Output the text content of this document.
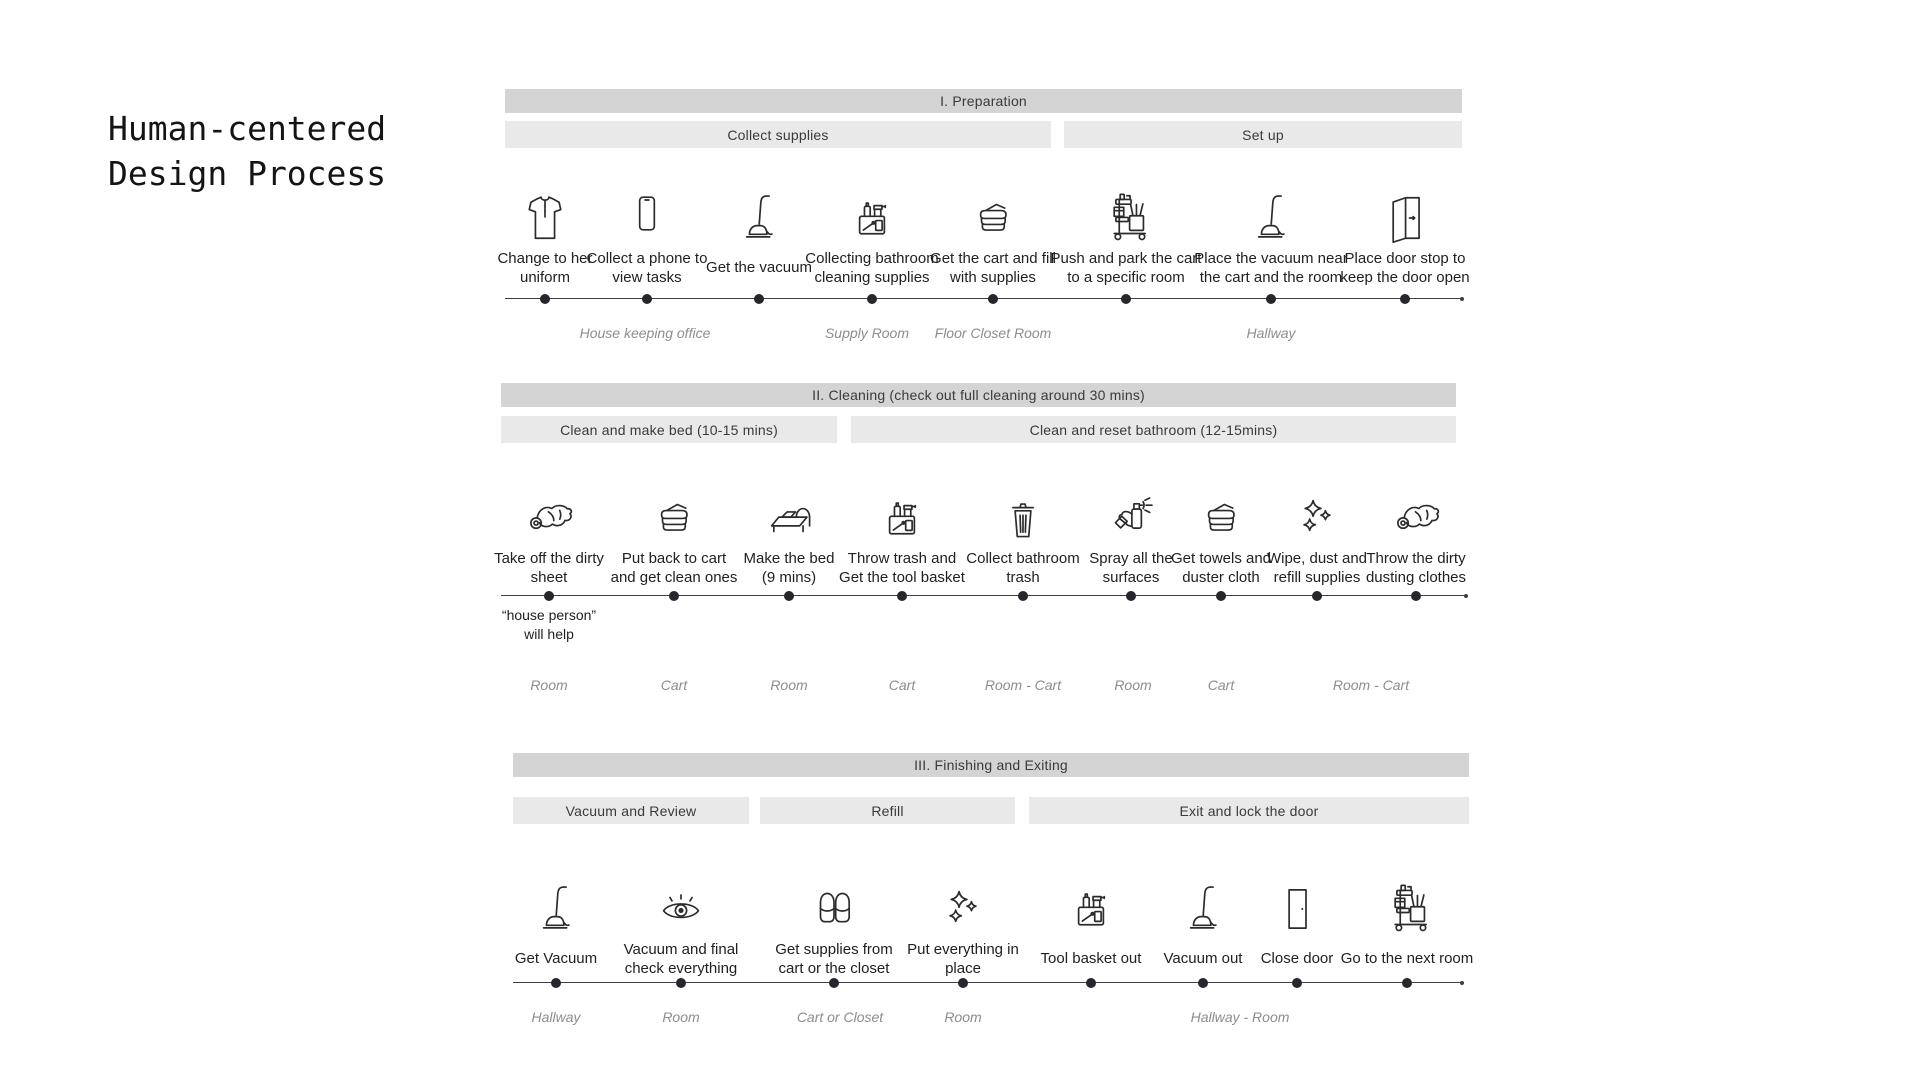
Human-centered
Design Process
I. Preparation
Collect supplies	Set up
Change to her
uniform
Collect a phone to
view tasks
Get the vacuum
Collecting bathroom
cleaning supplies
Get the cart and fill
with supplies
Push and park the cart
to a specific room
Place the vacuum near
the cart and the room
Place door stop to
keep the door open
House keeping office	Supply Room	Floor Closet Room	Hallway
II. Cleaning (check out full cleaning around 30 mins)
Clean and make bed (10-15 mins)	Clean and reset bathroom (12-15mins)
Take off the dirty
sheet
Put back to cart
and get clean ones
Make the bed
(9 mins)
Throw trash and
Get the tool basket
Collect bathroom
trash
Spray all the
surfaces
Get towels and
duster cloth
Wipe, dust and
refill supplies
Throw the dirty
dusting clothes
“house person”
will help
Room	Cart	Room	Cart	Room - Cart	Room	Cart	Room - Cart
III. Finishing and Exiting
Vacuum and Review	Refill	Exit and lock the door
Get Vacuum
Vacuum and final
check everything
Get supplies from
cart or the closet
Put everything in
place
Tool basket out	Vacuum out	Close door Go to the next room
Hallway	Room	Cart or Closet	Room	Hallway - Room
